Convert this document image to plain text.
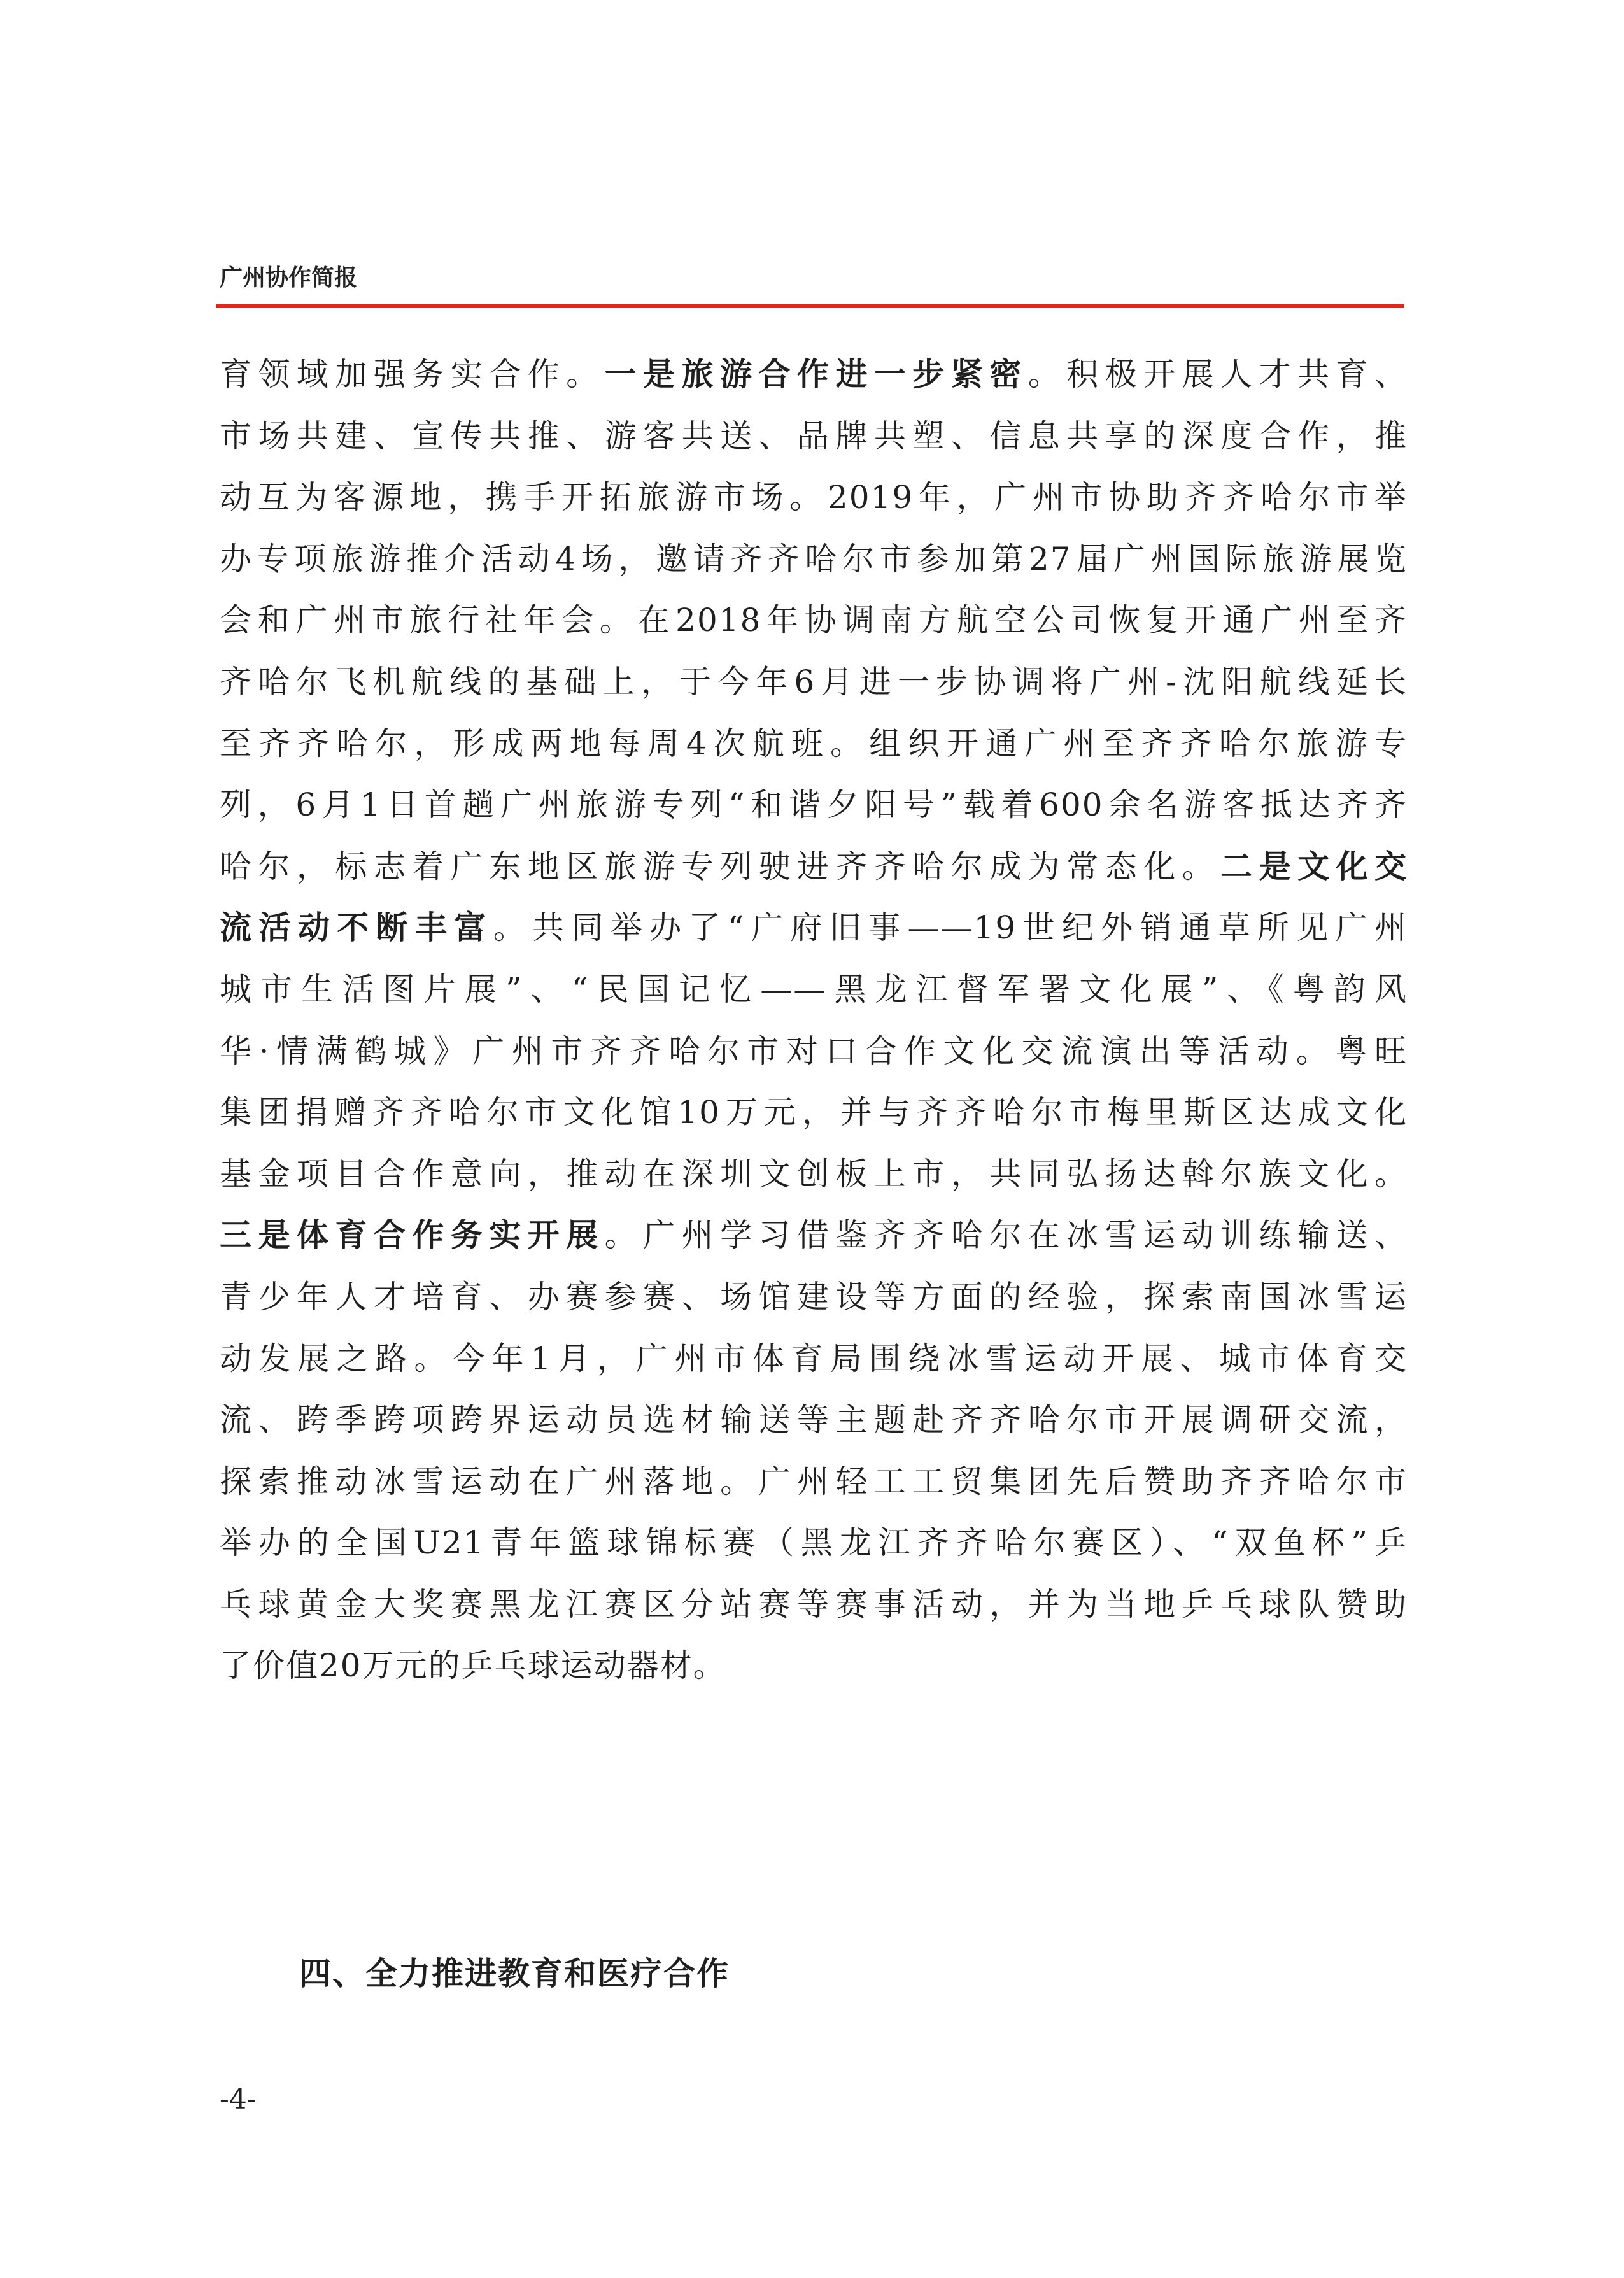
广州协作简报
育领域加强务实合作。一是旅游合作进一步紧密。积极开展人才共育、
市场共建、宣传共推、游客共送、品牌共塑、信息共享的深度合作，推
动互为客源地，携手开拓旅游市场。2019年，广州市协助齐齐哈尔市举
办专项旅游推介活动4场，邀请齐齐哈尔市参加第27届广州国际旅游展览
会和广州市旅行社年会。在2018年协调南方航空公司恢复开通广州至齐
齐哈尔飞机航线的基础上，于今年6月进一步协调将广州-沈阳航线延长
至齐齐哈尔，形成两地每周4次航班。组织开通广州至齐齐哈尔旅游专
列，6月1日首趟广州旅游专列“和谐夕阳号”载着600余名游客抵达齐齐
哈尔，标志着广东地区旅游专列驶进齐齐哈尔成为常态化。二是文化交
流活动不断丰富。共同举办了“广府旧事——19世纪外销通草所见广州
城市生活图片展”、“民国记忆——黑龙江督军署文化展”、《粤韵风
华·情满鹤城》广州市齐齐哈尔市对口合作文化交流演出等活动。粤旺
集团捐赠齐齐哈尔市文化馆10万元，并与齐齐哈尔市梅里斯区达成文化
基金项目合作意向，推动在深圳文创板上市，共同弘扬达斡尔族文化。
三是体育合作务实开展。广州学习借鉴齐齐哈尔在冰雪运动训练输送、
青少年人才培育、办赛参赛、场馆建设等方面的经验，探索南国冰雪运
动发展之路。今年1月，广州市体育局围绕冰雪运动开展、城市体育交
流、跨季跨项跨界运动员选材输送等主题赴齐齐哈尔市开展调研交流，
探索推动冰雪运动在广州落地。广州轻工工贸集团先后赞助齐齐哈尔市
举办的全国U21青年篮球锦标赛（黑龙江齐齐哈尔赛区）、“双鱼杯”乒
乓球黄金大奖赛黑龙江赛区分站赛等赛事活动，并为当地乒乓球队赞助
了价值20万元的乒乓球运动器材。
四、全力推进教育和医疗合作
-4-
